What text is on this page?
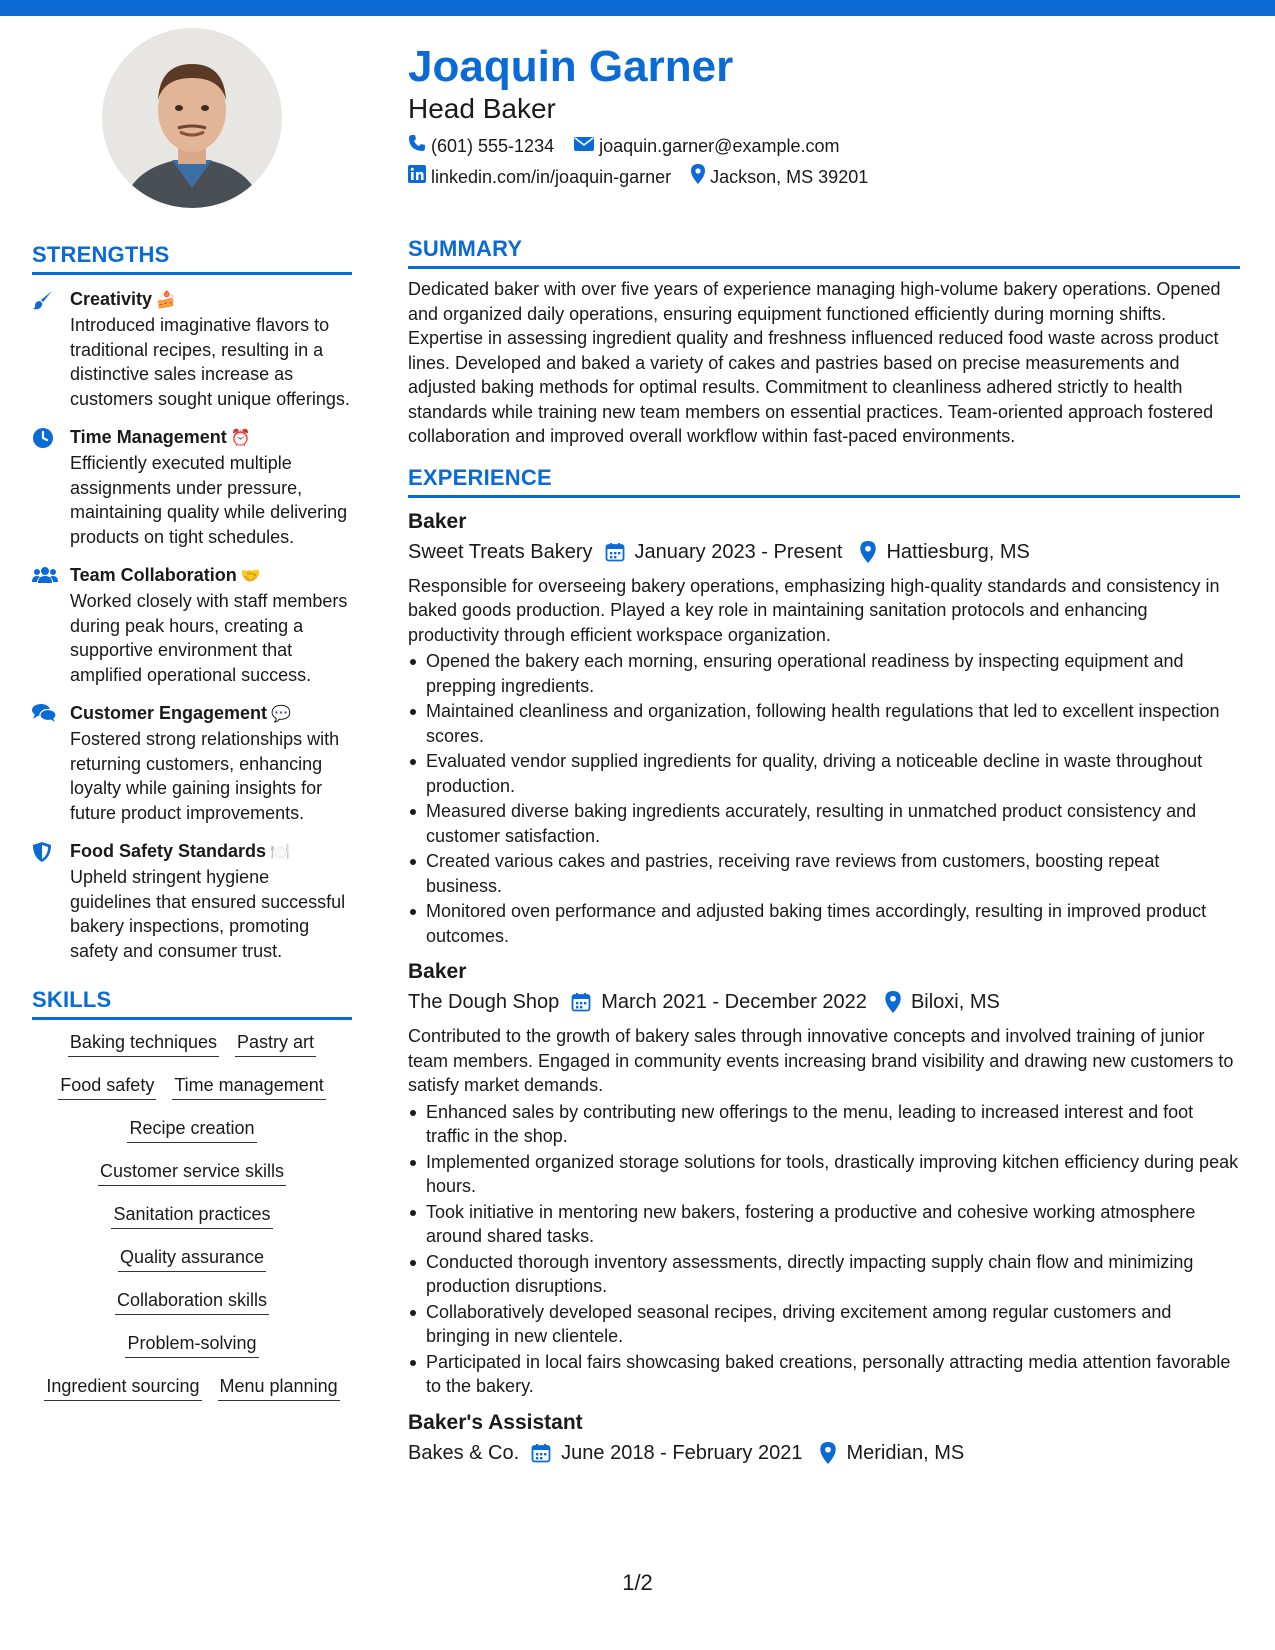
STRENGTHS
Creativity 🍰
Introduced imaginative flavors to traditional recipes, resulting in a distinctive sales increase as customers sought unique offerings.
Time Management ⏰
Efficiently executed multiple assignments under pressure, maintaining quality while delivering products on tight schedules.
Team Collaboration 🤝
Worked closely with staff members during peak hours, creating a supportive environment that amplified operational success.
Customer Engagement 💬
Fostered strong relationships with returning customers, enhancing loyalty while gaining insights for future product improvements.
Food Safety Standards 🍽️
Upheld stringent hygiene guidelines that ensured successful bakery inspections, promoting safety and consumer trust.
SKILLS
Baking techniques Pastry art
Food safety Time management
Recipe creation
Customer service skills
Sanitation practices
Quality assurance
Collaboration skills
Problem-solving
Ingredient sourcing Menu planning
Joaquin Garner
Head Baker
(601) 555-1234	joaquin.garner@example.com
linkedin.com/in/joaquin-garner Jackson, MS 39201
SUMMARY
Dedicated baker with over five years of experience managing high-volume bakery operations. Opened and organized daily operations, ensuring equipment functioned efficiently during morning shifts. Expertise in assessing ingredient quality and freshness influenced reduced food waste across product lines. Developed and baked a variety of cakes and pastries based on precise measurements and adjusted baking methods for optimal results. Commitment to cleanliness adhered strictly to health standards while training new team members on essential practices. Team-oriented approach fostered collaboration and improved overall workflow within fast-paced environments.
EXPERIENCE
Baker
Sweet Treats Bakery January 2023 - Present Hattiesburg, MS
Responsible for overseeing bakery operations, emphasizing high-quality standards and consistency in baked goods production. Played a key role in maintaining sanitation protocols and enhancing productivity through efficient workspace organization.
Opened the bakery each morning, ensuring operational readiness by inspecting equipment and prepping ingredients.
Maintained cleanliness and organization, following health regulations that led to excellent inspection scores.
Evaluated vendor supplied ingredients for quality, driving a noticeable decline in waste throughout production.
Measured diverse baking ingredients accurately, resulting in unmatched product consistency and customer satisfaction.
Created various cakes and pastries, receiving rave reviews from customers, boosting repeat business.
Monitored oven performance and adjusted baking times accordingly, resulting in improved product outcomes.
Baker
The Dough Shop March 2021 - December 2022 Biloxi, MS
Contributed to the growth of bakery sales through innovative concepts and involved training of junior team members. Engaged in community events increasing brand visibility and drawing new customers to satisfy market demands.
Enhanced sales by contributing new offerings to the menu, leading to increased interest and foot traffic in the shop.
Implemented organized storage solutions for tools, drastically improving kitchen efficiency during peak hours.
Took initiative in mentoring new bakers, fostering a productive and cohesive working atmosphere around shared tasks.
Conducted thorough inventory assessments, directly impacting supply chain flow and minimizing production disruptions.
Collaboratively developed seasonal recipes, driving excitement among regular customers and bringing in new clientele.
Participated in local fairs showcasing baked creations, personally attracting media attention favorable to the bakery.
Baker's Assistant
Bakes & Co. June 2018 - February 2021 Meridian, MS
1/2
